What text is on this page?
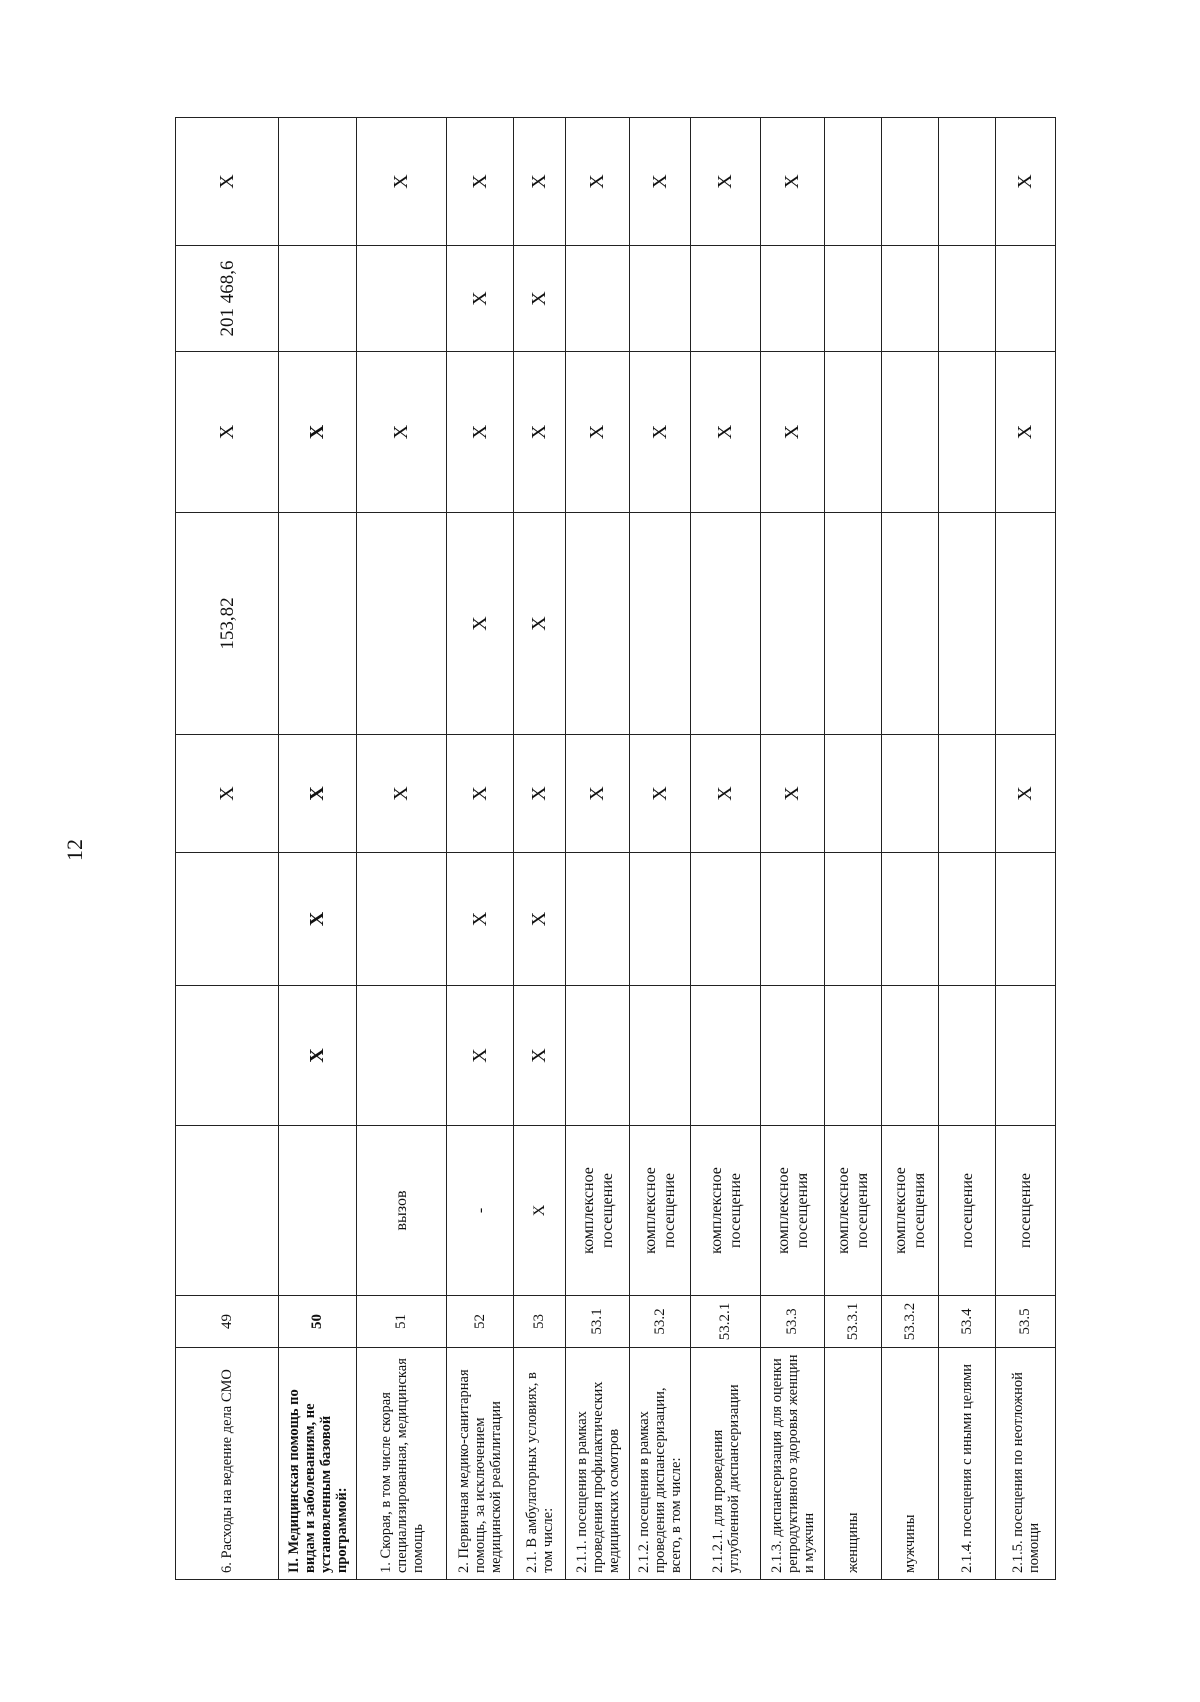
12
6. Расходы на ведение дела СМО	49				X	153,82	X	201 468,6	X
II. Медицинская помощь по видам и заболеваниям, не установленным базовой программой:	50		X	X	X		X		
1. Скорая, в том числе скорая специализированная, медицинская помощь	51	вызов			X		X		X
2. Первичная медико-санитарная помощь, за исключением медицинской реабилитации	52	-	X	X	X	X	X	X	X
2.1. В амбулаторных условиях, в том числе:	53	X	X	X	X	X	X	X	X
2.1.1. посещения в рамках проведения профилактических медицинских осмотров	53.1	комплексное посещение			X		X		X
2.1.2. посещения в рамках проведения диспансеризации, всего, в том числе:	53.2	комплексное посещение			X		X		X
2.1.2.1. для проведения углубленной диспансеризации	53.2.1	комплексное посещение			X		X		X
2.1.3. диспансеризация для оценки репродуктивного здоровья женщин и мужчин	53.3	комплексное посещения			X		X		X
женщины	53.3.1	комплексное посещения							
мужчины	53.3.2	комплексное посещения							
2.1.4. посещения с иными целями	53.4	посещение							
2.1.5. посещения по неотложной помощи	53.5	посещение			X		X		X
